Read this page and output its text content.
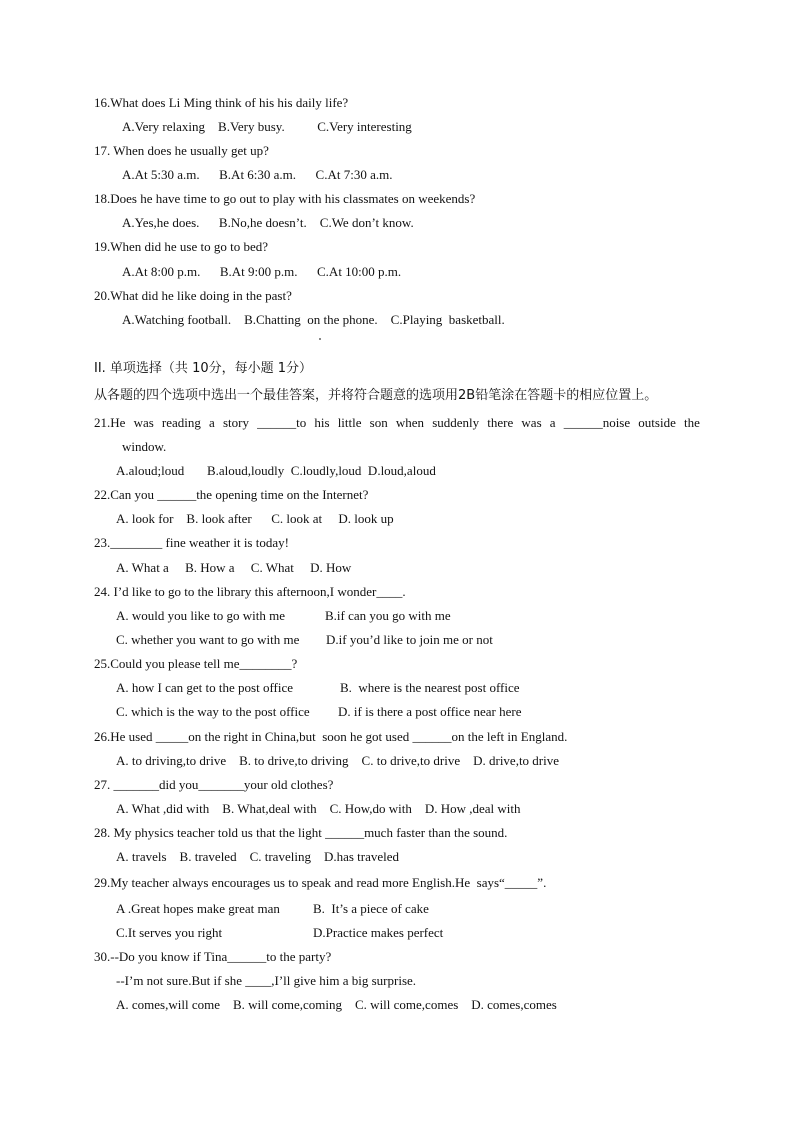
16.What does Li Ming think of his his daily life?
A.Very relaxing    B.Very busy.          C.Very interesting
17. When does he usually get up?
A.At 5:30 a.m.      B.At 6:30 a.m.      C.At 7:30 a.m.
18.Does he have time to go out to play with his classmates on weekends?
A.Yes,he does.      B.No,he doesn’t.    C.We don’t know.
19.When did he use to go to bed?
A.At 8:00 p.m.      B.At 9:00 p.m.      C.At 10:00 p.m.
20.What did he like doing in the past?
A.Watching football.    B.Chatting  on the phone.    C.Playing  basketball.
II. 单项选择（共 10分，每小题 1分）
从各题的四个选项中选出一个最佳答案，并将符合题意的选项用2B铅笔涂在答题卡的相应位置上。
21.He was reading a story ______to his little son when suddenly there was a ______noise outside the
window.
A.aloud;loud       B.aloud,loudly  C.loudly,loud  D.loud,aloud
22.Can you ______the opening time on the Internet?
A. look for    B. look after      C. look at     D. look up
23.________ fine weather it is today!
A. What a     B. How a     C. What     D. How
24. I’d like to go to the library this afternoon,I wonder____.
A. would you like to go with me	B.if can you go with me
C. whether you want to go with me D.if you’d like to join me or not
25.Could you please tell me________?
A. how I can get to the post office	B.  where is the nearest post office
C. which is the way to the post office D. if is there a post office near here
26.He used _____on the right in China,but  soon he got used ______on the left in England.
A. to driving,to drive    B. to drive,to driving    C. to drive,to drive    D. drive,to drive
27. _______did you_______your old clothes?
A. What ,did with    B. What,deal with    C. How,do with    D. How ,deal with
28. My physics teacher told us that the light ______much faster than the sound.
A. travels    B. traveled    C. traveling    D.has traveled
29.My teacher always encourages us to speak and read more English.He  says“_____”.
A .Great hopes make great man	B.  It’s a piece of cake
C.It serves you right	D.Practice makes perfect
30.--Do you know if Tina______to the party?
--I’m not sure.But if she ____,I’ll give him a big surprise.
A. comes,will come    B. will come,coming    C. will come,comes    D. comes,comes
